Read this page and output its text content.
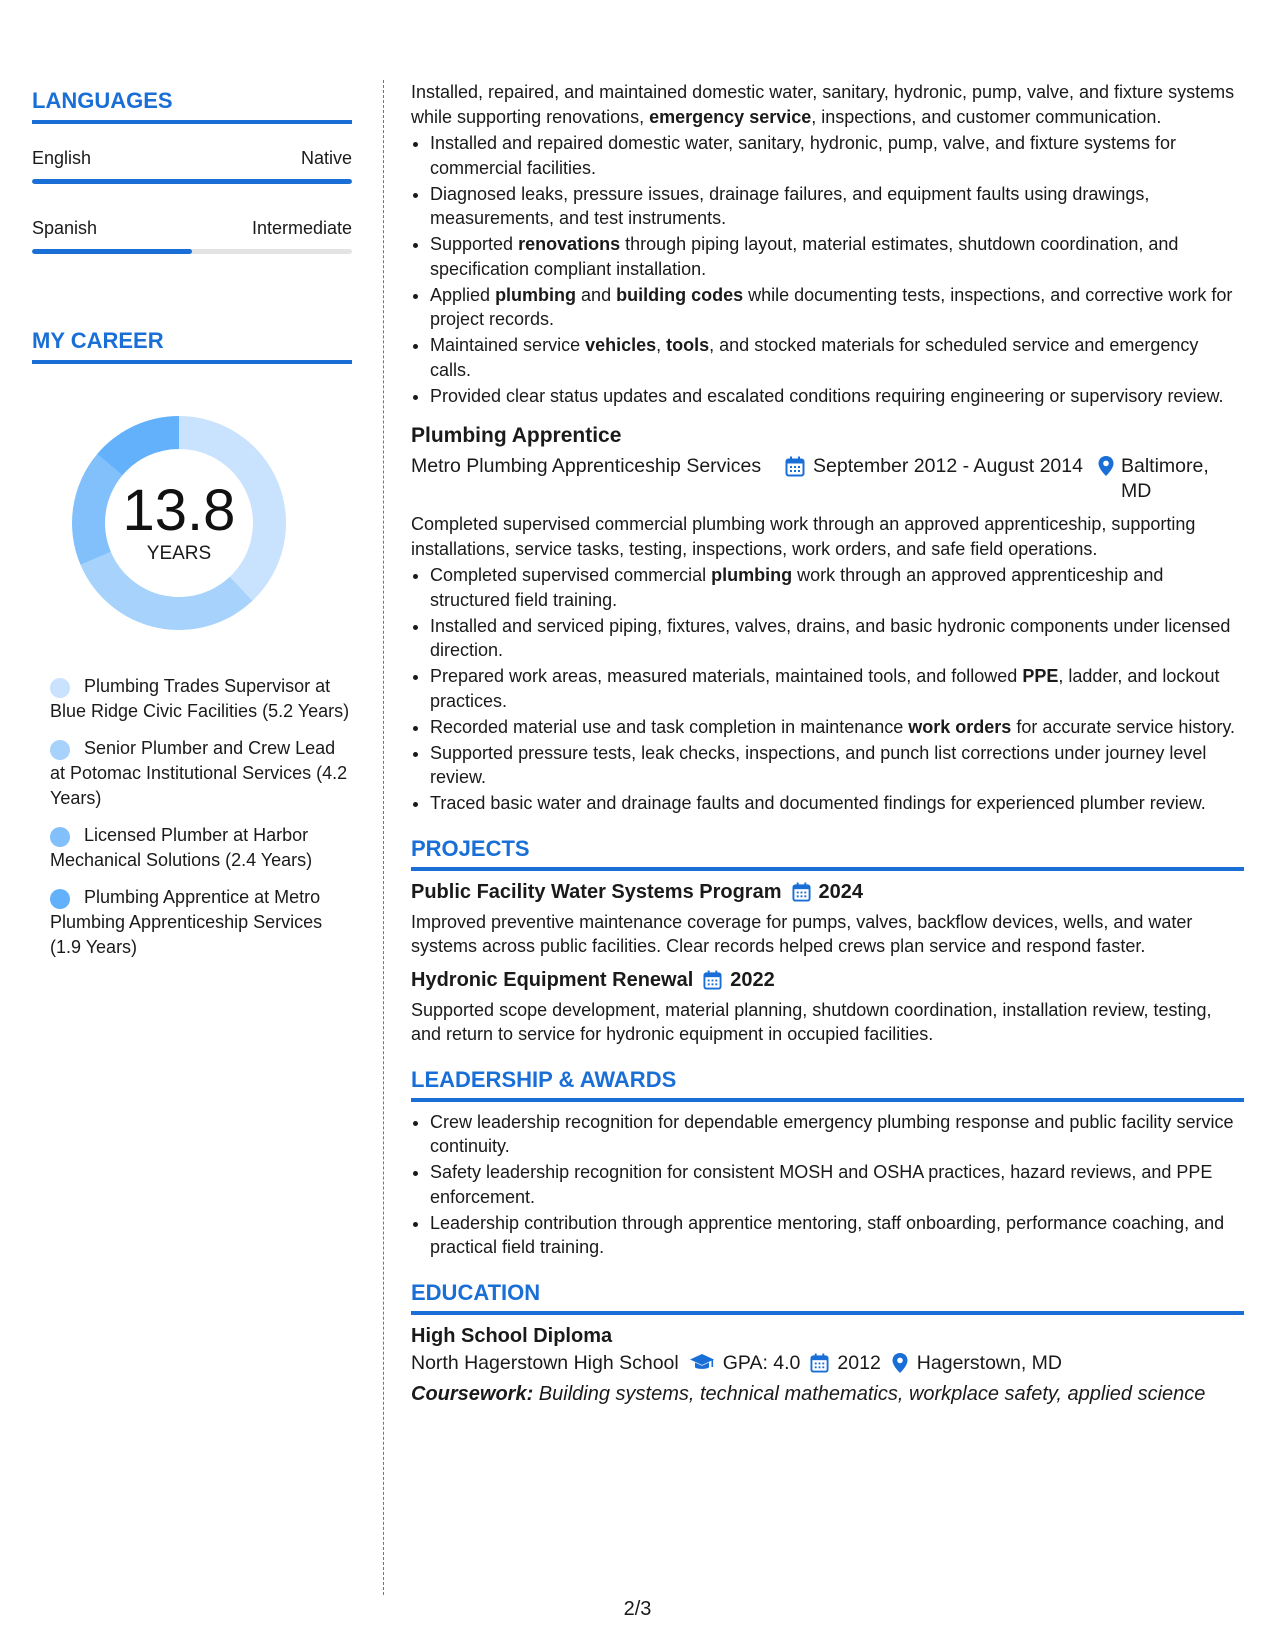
LANGUAGES
English	Native
Spanish	Intermediate
MY CAREER
13.8
YEARS
Plumbing Trades Supervisor at Blue Ridge Civic Facilities (5.2 Years)
Senior Plumber and Crew Lead at Potomac Institutional Services (4.2 Years)
Licensed Plumber at Harbor Mechanical Solutions (2.4 Years)
Plumbing Apprentice at Metro Plumbing Apprenticeship Services (1.9 Years)

Installed, repaired, and maintained domestic water, sanitary, hydronic, pump, valve, and fixture systems while supporting renovations, emergency service, inspections, and customer communication.

• Installed and repaired domestic water, sanitary, hydronic, pump, valve, and fixture systems for commercial facilities.
• Diagnosed leaks, pressure issues, drainage failures, and equipment faults using drawings, measurements, and test instruments.
• Supported renovations through piping layout, material estimates, shutdown coordination, and specification compliant installation.
• Applied plumbing and building codes while documenting tests, inspections, and corrective work for project records.
• Maintained service vehicles, tools, and stocked materials for scheduled service and emergency calls.
• Provided clear status updates and escalated conditions requiring engineering or supervisory review.
Plumbing Apprentice
Metro Plumbing Apprenticeship Services	September 2012 - August 2014 Baltimore, MD

Completed supervised commercial plumbing work through an approved apprenticeship, supporting installations, service tasks, testing, inspections, work orders, and safe field operations.

• Completed supervised commercial plumbing work through an approved apprenticeship and structured field training.
• Installed and serviced piping, fixtures, valves, drains, and basic hydronic components under licensed direction.
• Prepared work areas, measured materials, maintained tools, and followed PPE, ladder, and lockout practices.
• Recorded material use and task completion in maintenance work orders for accurate service history.
• Supported pressure tests, leak checks, inspections, and punch list corrections under journey level review.
• Traced basic water and drainage faults and documented findings for experienced plumber review.
PROJECTS
Public Facility Water Systems Program 2024

Improved preventive maintenance coverage for pumps, valves, backflow devices, wells, and water systems across public facilities. Clear records helped crews plan service and respond faster.

Hydronic Equipment Renewal 2022

Supported scope development, material planning, shutdown coordination, installation review, testing, and return to service for hydronic equipment in occupied facilities.

LEADERSHIP & AWARDS
• Crew leadership recognition for dependable emergency plumbing response and public facility service continuity.
• Safety leadership recognition for consistent MOSH and OSHA practices, hazard reviews, and PPE enforcement.
• Leadership contribution through apprentice mentoring, staff onboarding, performance coaching, and practical field training.
EDUCATION
High School Diploma
North Hagerstown High School GPA: 4.0 2012 Hagerstown, MD
Coursework: Building systems, technical mathematics, workplace safety, applied science
2/3
